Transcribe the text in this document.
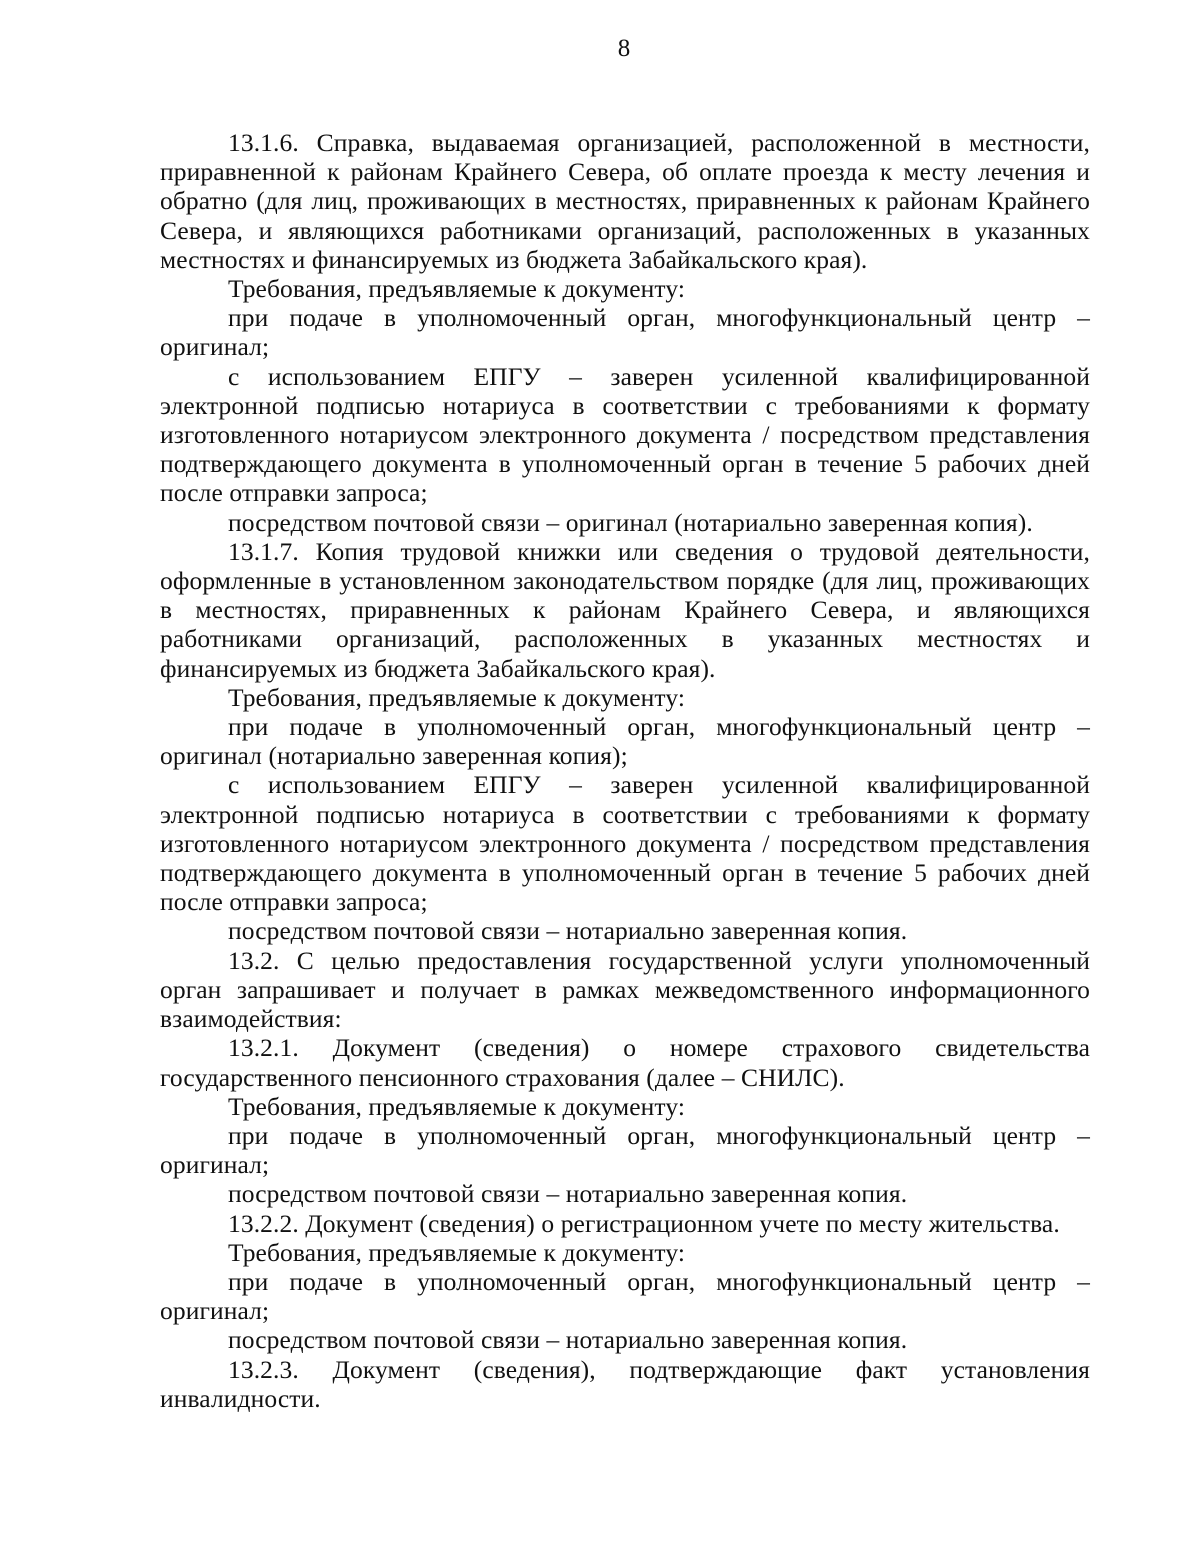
8

13.1.6. Справка, выдаваемая организацией, расположенной в местности, приравненной к районам Крайнего Севера, об оплате проезда к месту лечения и обратно (для лиц, проживающих в местностях, приравненных к районам Крайнего Севера, и являющихся работниками организаций, расположенных в указанных местностях и финансируемых из бюджета Забайкальского края).

Требования, предъявляемые к документу:

при подаче в уполномоченный орган, многофункциональный центр – оригинал;

с использованием ЕПГУ – заверен усиленной квалифицированной электронной подписью нотариуса в соответствии с требованиями к формату изготовленного нотариусом электронного документа / посредством представления подтверждающего документа в уполномоченный орган в течение 5 рабочих дней после отправки запроса;

посредством почтовой связи – оригинал (нотариально заверенная копия).

13.1.7. Копия трудовой книжки или сведения о трудовой деятельности, оформленные в установленном законодательством порядке (для лиц, проживающих в местностях, приравненных к районам Крайнего Севера, и являющихся работниками организаций, расположенных в указанных местностях и финансируемых из бюджета Забайкальского края).

Требования, предъявляемые к документу:

при подаче в уполномоченный орган, многофункциональный центр – оригинал (нотариально заверенная копия);

с использованием ЕПГУ – заверен усиленной квалифицированной электронной подписью нотариуса в соответствии с требованиями к формату изготовленного нотариусом электронного документа / посредством представления подтверждающего документа в уполномоченный орган в течение 5 рабочих дней после отправки запроса;

посредством почтовой связи – нотариально заверенная копия.

13.2. С целью предоставления государственной услуги уполномоченный орган запрашивает и получает в рамках межведомственного информационного взаимодействия:

13.2.1. Документ (сведения) о номере страхового свидетельства государственного пенсионного страхования (далее – СНИЛС).

Требования, предъявляемые к документу:

при подаче в уполномоченный орган, многофункциональный центр – оригинал;

посредством почтовой связи – нотариально заверенная копия.

13.2.2. Документ (сведения) о регистрационном учете по месту жительства.

Требования, предъявляемые к документу:

при подаче в уполномоченный орган, многофункциональный центр – оригинал;

посредством почтовой связи – нотариально заверенная копия.

13.2.3. Документ (сведения), подтверждающие факт установления инвалидности.
